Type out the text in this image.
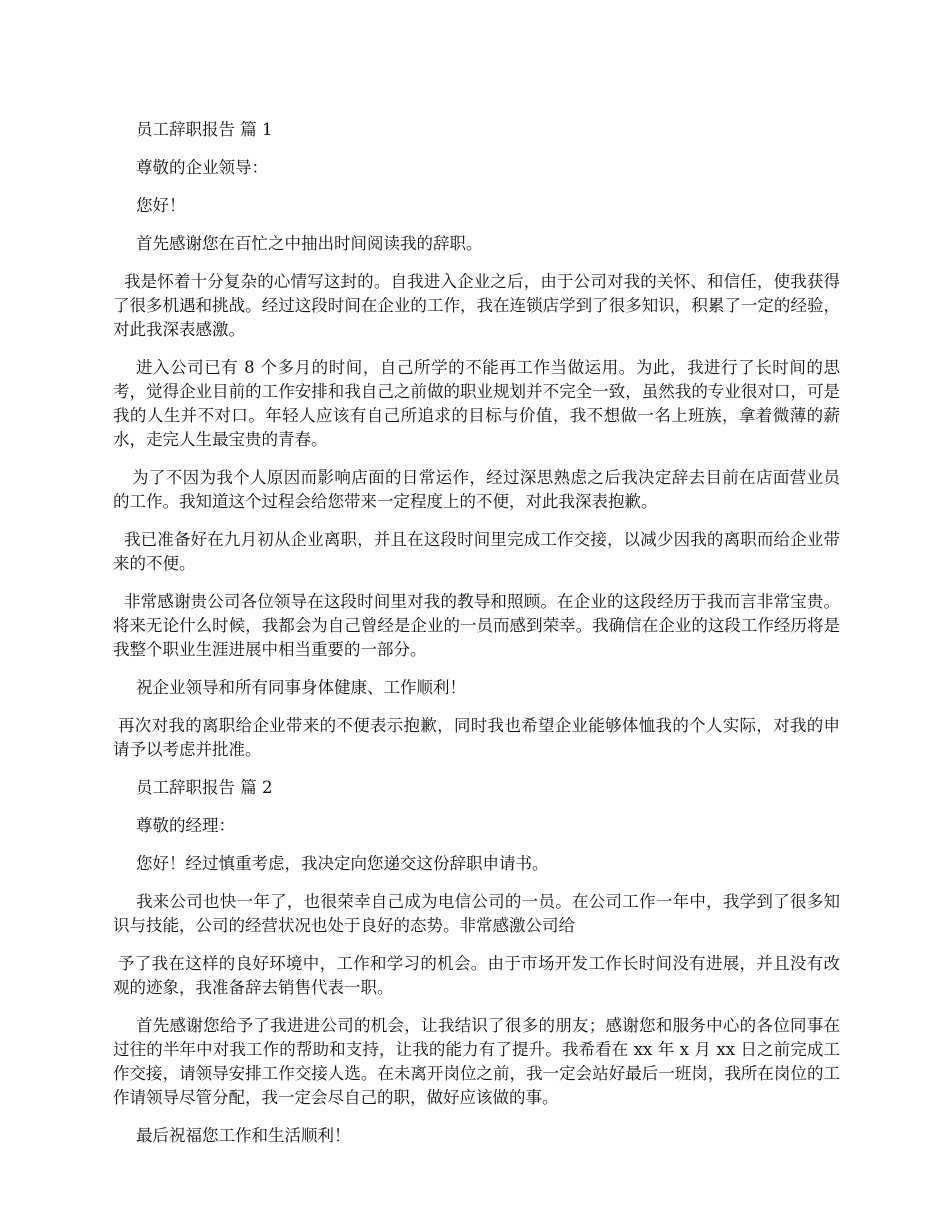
员工辞职报告 篇 1

尊敬的企业领导：

您好！

首先感谢您在百忙之中抽出时间阅读我的辞职。

我是怀着十分复杂的心情写这封的。自我进入企业之后，由于公司对我的关怀、和信任，使我获得了很多机遇和挑战。经过这段时间在企业的工作，我在连锁店学到了很多知识，积累了一定的经验，对此我深表感激。

进入公司已有 8 个多月的时间，自己所学的不能再工作当做运用。为此，我进行了长时间的思考，觉得企业目前的工作安排和我自己之前做的职业规划并不完全一致，虽然我的专业很对口，可是我的人生并不对口。年轻人应该有自己所追求的目标与价值，我不想做一名上班族，拿着微薄的薪水，走完人生最宝贵的青春。

为了不因为我个人原因而影响店面的日常运作，经过深思熟虑之后我决定辞去目前在店面营业员的工作。我知道这个过程会给您带来一定程度上的不便，对此我深表抱歉。

我已准备好在九月初从企业离职，并且在这段时间里完成工作交接，以减少因我的离职而给企业带来的不便。

非常感谢贵公司各位领导在这段时间里对我的教导和照顾。在企业的这段经历于我而言非常宝贵。将来无论什么时候，我都会为自己曾经是企业的一员而感到荣幸。我确信在企业的这段工作经历将是我整个职业生涯进展中相当重要的一部分。

祝企业领导和所有同事身体健康、工作顺利！

再次对我的离职给企业带来的不便表示抱歉，同时我也希望企业能够体恤我的个人实际，对我的申请予以考虑并批准。

员工辞职报告 篇 2

尊敬的经理：

您好！经过慎重考虑，我决定向您递交这份辞职申请书。

我来公司也快一年了，也很荣幸自己成为电信公司的一员。在公司工作一年中，我学到了很多知识与技能，公司的经营状况也处于良好的态势。非常感激公司给

予了我在这样的良好环境中，工作和学习的机会。由于市场开发工作长时间没有进展，并且没有改观的迹象，我准备辞去销售代表一职。

首先感谢您给予了我进进公司的机会，让我结识了很多的朋友；感谢您和服务中心的各位同事在过往的半年中对我工作的帮助和支持，让我的能力有了提升。我希看在 xx 年 x 月 xx 日之前完成工作交接，请领导安排工作交接人选。在未离开岗位之前，我一定会站好最后一班岗，我所在岗位的工作请领导尽管分配，我一定会尽自己的职，做好应该做的事。

最后祝福您工作和生活顺利！
